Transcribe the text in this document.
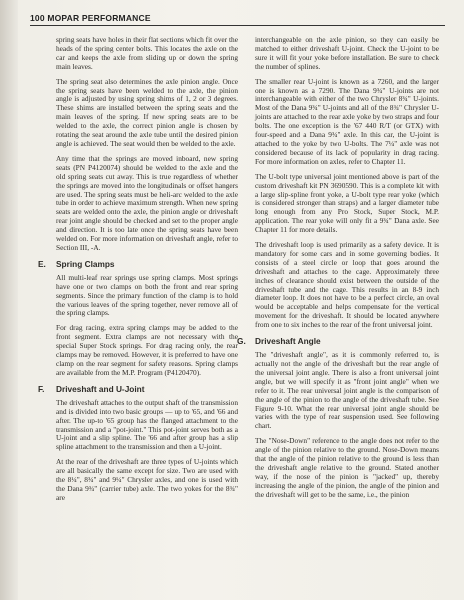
100 MOPAR PERFORMANCE

spring seats have holes in their flat sections which fit over the heads of the spring center bolts. This locates the axle on the car and keeps the axle from sliding up or down the spring main leaves.

The spring seat also determines the axle pinion angle. Once the spring seats have been welded to the axle, the pinion angle is adjusted by using spring shims of 1, 2 or 3 degrees. These shims are installed between the spring seats and the main leaves of the spring. If new spring seats are to be welded to the axle, the correct pinion angle is chosen by rotating the seat around the axle tube until the desired pinion angle is achieved. The seat would then be welded to the axle.

Any time that the springs are moved inboard, new spring seats (PN P4120074) should be welded to the axle and the old spring seats cut away. This is true regardless of whether the springs are moved into the longitudinals or offset hangers are used. The spring seats must be heli-arc welded to the axle tube in order to achieve maximum strength. When new spring seats are welded onto the axle, the pinion angle or driveshaft rear joint angle should be checked and set to the proper angle and direction. It is too late once the spring seats have been welded on. For more information on driveshaft angle, refer to Section III, -A.

E. Spring Clamps

All multi-leaf rear springs use spring clamps. Most springs have one or two clamps on both the front and rear spring segments. Since the primary function of the clamp is to hold the various leaves of the spring together, never remove all of the spring clamps.

For drag racing, extra spring clamps may be added to the front segment. Extra clamps are not necessary with the special Super Stock springs. For drag racing only, the rear clamps may be removed. However, it is preferred to have one clamp on the rear segment for safety reasons. Spring clamps are available from the M.P. Program (P4120470).

F.	Driveshaft and U-Joint

The driveshaft attaches to the output shaft of the transmission and is divided into two basic groups — up to '65, and '66 and after. The up-to '65 group has the flanged attachment to the transmission and a "pot-joint." This pot-joint serves both as a U-joint and a slip spline. The '66 and after group has a slip spline attachment to the transmission and then a U-joint.

At the rear of the driveshaft are three types of U-joints which are all basically the same except for size. Two are used with the 8¼", 8¾" and 9¼" Chrysler axles, and one is used with the Dana 9¾" (carrier tube) axle. The two yokes for the 8¾" are

interchangeable on the axle pinion, so they can easily be matched to either driveshaft U-joint. Check the U-joint to be sure it will fit your yoke before installation. Be sure to check the number of splines.

The smaller rear U-joint is known as a 7260, and the larger one is known as a 7290. The Dana 9¾" U-joints are not interchangeable with either of the two Chrysler 8¾" U-joints. Most of the Dana 9¾" U-joints and all of the 8¾" Chrysler U-joints are attached to the rear axle yoke by two straps and four bolts. The one exception is the '67 440 R/T (or GTX) with four-speed and a Dana 9¾" axle. In this car, the U-joint is attached to the yoke by two U-bolts. The 7¼" axle was not considered because of its lack of popularity in drag racing. For more information on axles, refer to Chapter 11.

The U-bolt type universal joint mentioned above is part of the custom driveshaft kit PN 3690590. This is a complete kit with a large slip-spline front yoke, a U-bolt type rear yoke (which is considered stronger than straps) and a larger diameter tube long enough from any Pro Stock, Super Stock, M.P. application. The rear yoke will only fit a 9¾" Dana axle. See Chapter 11 for more details.

The driveshaft loop is used primarily as a safety device. It is mandatory for some cars and in some governing bodies. It consists of a steel circle or loop that goes around the driveshaft and attaches to the cage. Approximately three inches of clearance should exist between the outside of the driveshaft tube and the cage. This results in an 8-9 inch diameter loop. It does not have to be a perfect circle, an oval would be acceptable and helps compensate for the vertical movement for the driveshaft. It should be located anywhere from one to six inches to the rear of the front universal joint.

G. Driveshaft Angle

The "driveshaft angle", as it is commonly referred to, is actually not the angle of the driveshaft but the rear angle of the universal joint angle. There is also a front universal joint angle, but we will specify it as "front joint angle" when we refer to it. The rear universal joint angle is the comparison of the angle of the pinion to the angle of the driveshaft tube. See Figure 9-10. What the rear universal joint angle should be varies with the type of rear suspension used. See following chart.

The "Nose-Down" reference to the angle does not refer to the angle of the pinion relative to the ground. Nose-Down means that the angle of the pinion relative to the ground is less than the driveshaft angle relative to the ground. Stated another way, if the nose of the pinion is "jacked" up, thereby increasing the angle of the pinion, the angle of the pinion and the driveshaft will get to be the same, i.e., the pinion
